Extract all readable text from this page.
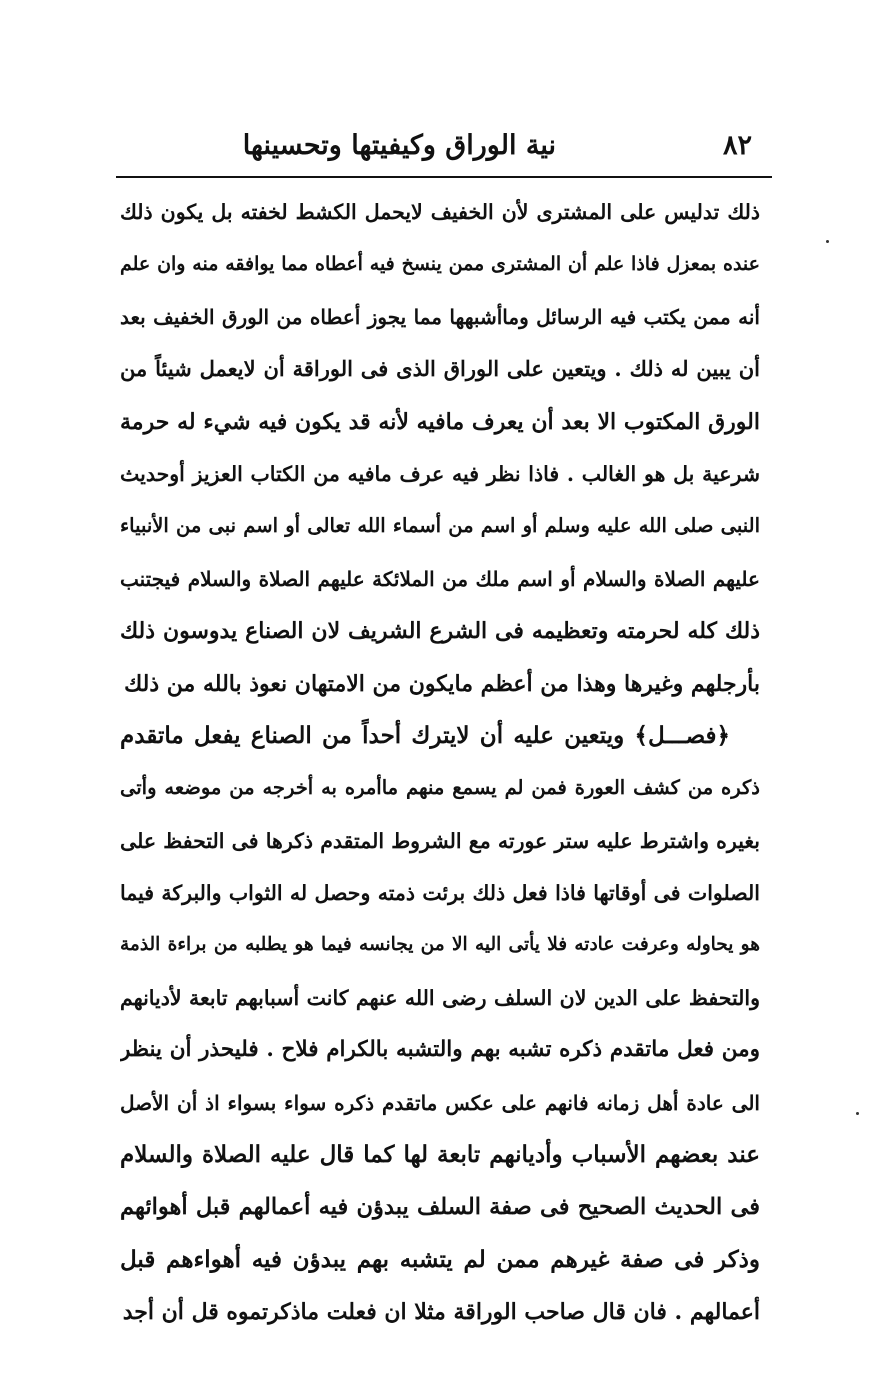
٨٢
نية الوراق وكيفيتها وتحسينها
ذلك تدليس على المشترى لأن الخفيف لايحمل الكشط لخفته بل يكون ذلك
عنده بمعزل فاذا علم أن المشترى ممن ينسخ فيه أعطاه مما يوافقه منه وان علم
أنه ممن يكتب فيه الرسائل وماأشبهها مما يجوز أعطاه من الورق الخفيف بعد
أن يبين له ذلك . ويتعين على الوراق الذى فى الوراقة أن لايعمل شيئاً من
الورق المكتوب الا بعد أن يعرف مافيه لأنه قد يكون فيه شيء له حرمة
شرعية بل هو الغالب . فاذا نظر فيه عرف مافيه من الكتاب العزيز أوحديث
النبى صلى الله عليه وسلم أو اسم من أسماء الله تعالى أو اسم نبى من الأنبياء
عليهم الصلاة والسلام أو اسم ملك من الملائكة عليهم الصلاة والسلام فيجتنب
ذلك كله لحرمته وتعظيمه فى الشرع الشريف لان الصناع يدوسون ذلك
بأرجلهم وغيرها وهذا من أعظم مايكون من الامتهان نعوذ بالله من ذلك
﴿فصـــل﴾ ويتعين عليه أن لايترك أحداً من الصناع يفعل ماتقدم
ذكره من كشف العورة فمن لم يسمع منهم ماأمره به أخرجه من موضعه وأتى
بغيره واشترط عليه ستر عورته مع الشروط المتقدم ذكرها فى التحفظ على
الصلوات فى أوقاتها فاذا فعل ذلك برئت ذمته وحصل له الثواب والبركة فيما
هو يحاوله وعرفت عادته فلا يأتى اليه الا من يجانسه فيما هو يطلبه من براءة الذمة
والتحفظ على الدين لان السلف رضى الله عنهم كانت أسبابهم تابعة لأديانهم
ومن فعل ماتقدم ذكره تشبه بهم والتشبه بالكرام فلاح . فليحذر أن ينظر
الى عادة أهل زمانه فانهم على عكس ماتقدم ذكره سواء بسواء اذ أن الأصل
عند بعضهم الأسباب وأديانهم تابعة لها كما قال عليه الصلاة والسلام
فى الحديث الصحيح فى صفة السلف يبدؤن فيه أعمالهم قبل أهوائهم
وذكر فى صفة غيرهم ممن لم يتشبه بهم يبدؤن فيه أهواءهم قبل
أعمالهم . فان قال صاحب الوراقة مثلا ان فعلت ماذكرتموه قل أن أجد
